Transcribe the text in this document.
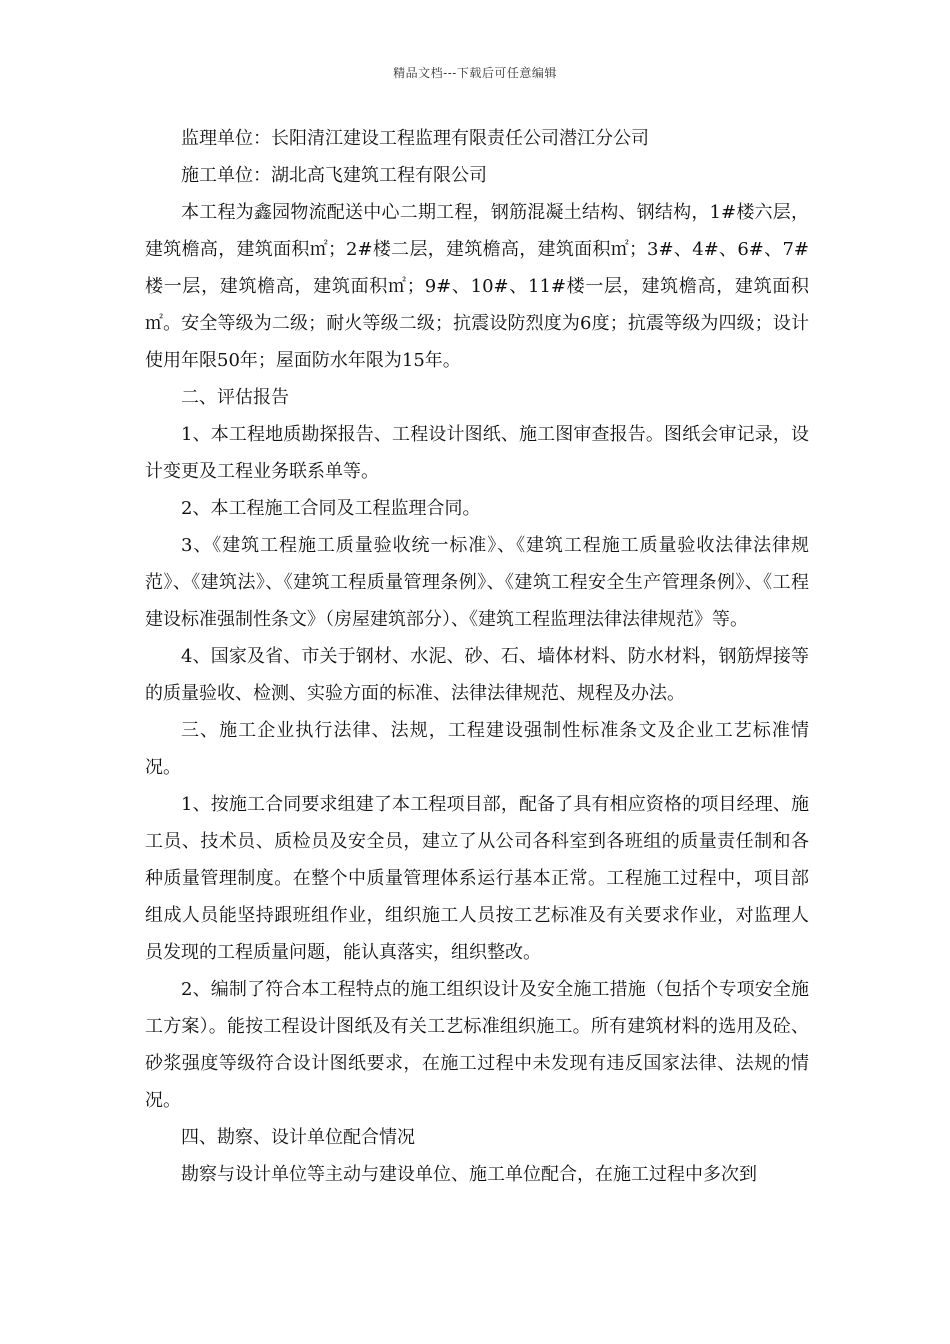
精品文档---下载后可任意编辑

监理单位：长阳清江建设工程监理有限责任公司潜江分公司

施工单位：湖北高飞建筑工程有限公司

本工程为鑫园物流配送中心二期工程，钢筋混凝土结构、钢结构，1#楼六层，建筑檐高，建筑面积㎡；2#楼二层，建筑檐高，建筑面积㎡；3#、4#、6#、7#楼一层，建筑檐高，建筑面积㎡；9#、10#、11#楼一层，建筑檐高，建筑面积㎡。安全等级为二级；耐火等级二级；抗震设防烈度为6度；抗震等级为四级；设计使用年限50年；屋面防水年限为15年。

二、评估报告

1、本工程地质勘探报告、工程设计图纸、施工图审查报告。图纸会审记录，设计变更及工程业务联系单等。

2、本工程施工合同及工程监理合同。

3、《建筑工程施工质量验收统一标准》、《建筑工程施工质量验收法律法律规范》、《建筑法》、《建筑工程质量管理条例》、《建筑工程安全生产管理条例》、《工程建设标准强制性条文》（房屋建筑部分）、《建筑工程监理法律法律规范》等。

4、国家及省、市关于钢材、水泥、砂、石、墙体材料、防水材料，钢筋焊接等的质量验收、检测、实验方面的标准、法律法律规范、规程及办法。

三、施工企业执行法律、法规，工程建设强制性标准条文及企业工艺标准情况。

1、按施工合同要求组建了本工程项目部，配备了具有相应资格的项目经理、施工员、技术员、质检员及安全员，建立了从公司各科室到各班组的质量责任制和各种质量管理制度。在整个中质量管理体系运行基本正常。工程施工过程中，项目部组成人员能坚持跟班组作业，组织施工人员按工艺标准及有关要求作业，对监理人员发现的工程质量问题，能认真落实，组织整改。

2、编制了符合本工程特点的施工组织设计及安全施工措施（包括个专项安全施工方案）。能按工程设计图纸及有关工艺标准组织施工。所有建筑材料的选用及砼、砂浆强度等级符合设计图纸要求，在施工过程中未发现有违反国家法律、法规的情况。

四、勘察、设计单位配合情况

勘察与设计单位等主动与建设单位、施工单位配合，在施工过程中多次到
